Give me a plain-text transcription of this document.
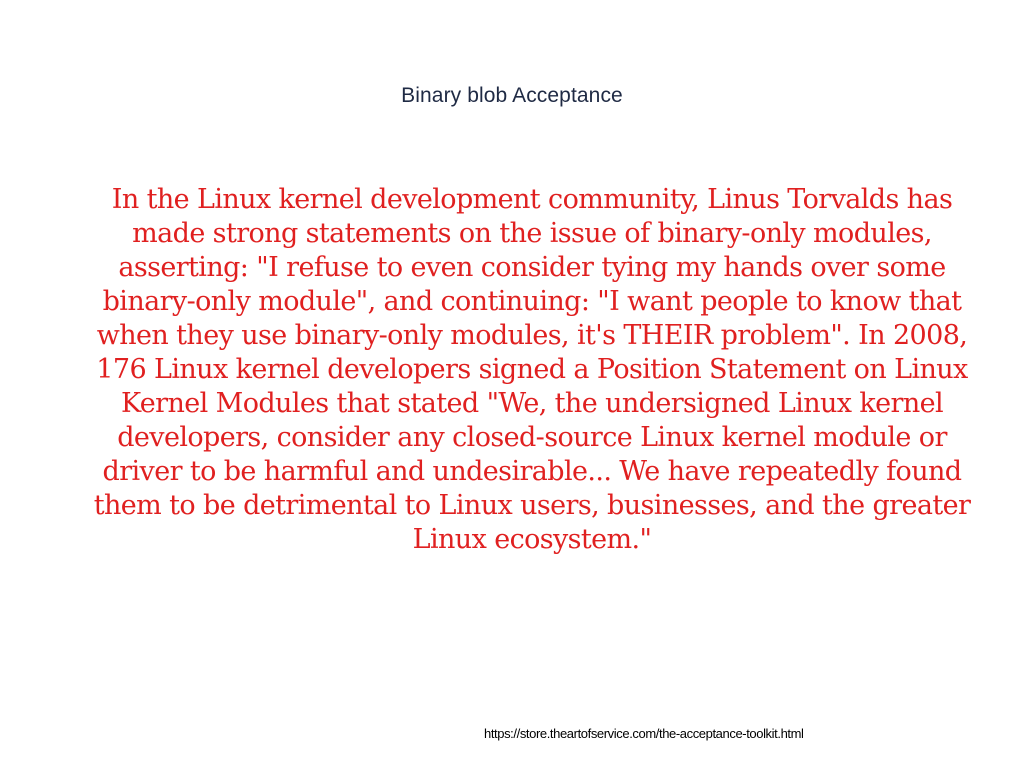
Binary blob Acceptance
In the Linux kernel development community, Linus Torvalds has made strong statements on the issue of binary-only modules, asserting: "I refuse to even consider tying my hands over some binary-only module", and continuing: "I want people to know that when they use binary-only modules, it's THEIR problem". In 2008, 176 Linux kernel developers signed a Position Statement on Linux Kernel Modules that stated "We, the undersigned Linux kernel developers, consider any closed-source Linux kernel module or driver to be harmful and undesirable... We have repeatedly found them to be detrimental to Linux users, businesses, and the greater Linux ecosystem."
https://store.theartofservice.com/the-acceptance-toolkit.html
